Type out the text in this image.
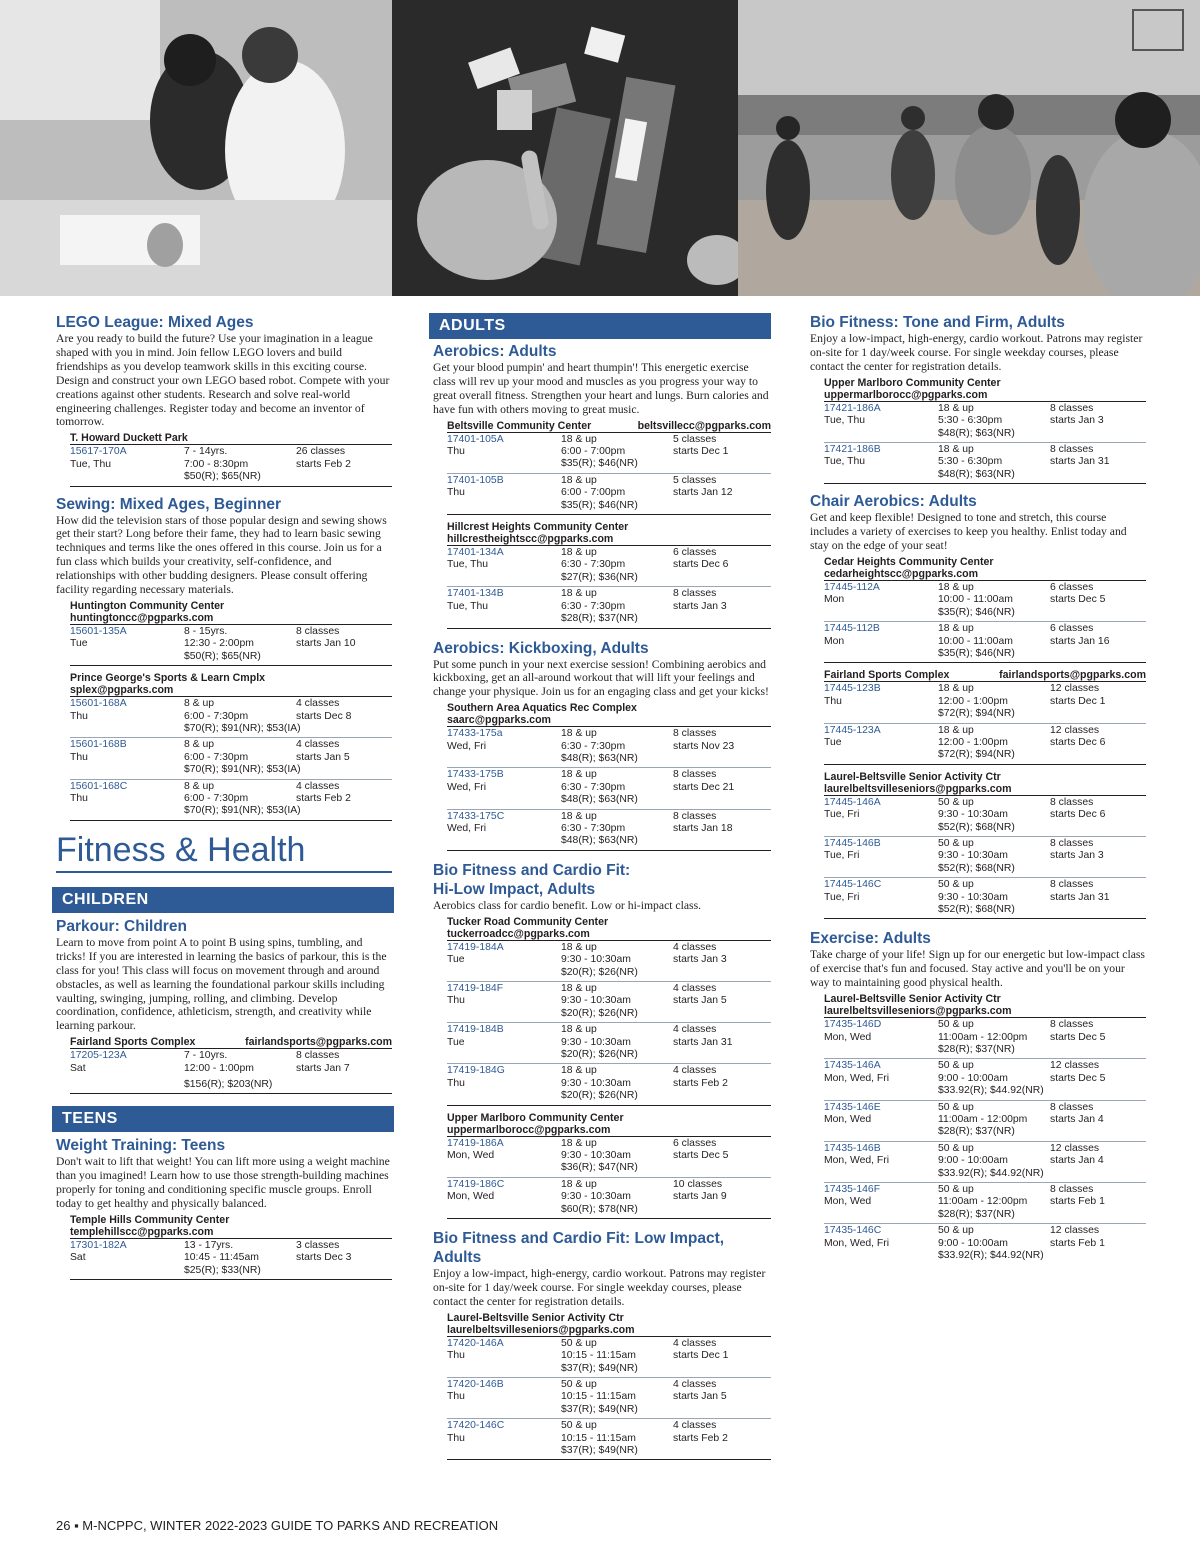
LEGO League: Mixed Ages
Are you ready to build the future? Use your imagination in a league shaped with you in mind. Join fellow LEGO lovers and build friendships as you develop teamwork skills in this exciting course. Design and construct your own LEGO based robot. Compete with your creations against other students. Research and solve real-world engineering challenges. Register today and become an inventor of tomorrow.
T. Howard Duckett Park
15617-170A	7 - 14yrs.	26 classes
Tue, Thu	7:00 - 8:30pm	starts Feb 2
$50(R); $65(NR)
Sewing: Mixed Ages, Beginner
How did the television stars of those popular design and sewing shows get their start? Long before their fame, they had to learn basic sewing techniques and terms like the ones offered in this course. Join us for a fun class which builds your creativity, self-confidence, and relationships with other budding designers. Please consult offering facility regarding necessary materials.
Huntington Community Center
huntingtoncc@pgparks.com
15601-135A	8 - 15yrs.	8 classes
Tue	12:30 - 2:00pm	starts Jan 10
$50(R); $65(NR)
Prince George's Sports & Learn Cmplx
splex@pgparks.com
15601-168A	8 & up	4 classes
Thu	6:00 - 7:30pm	starts Dec 8
$70(R); $91(NR); $53(IA)
15601-168B	8 & up	4 classes
Thu	6:00 - 7:30pm	starts Jan 5
$70(R); $91(NR); $53(IA)
15601-168C	8 & up	4 classes
Thu	6:00 - 7:30pm	starts Feb 2
$70(R); $91(NR); $53(IA)
Fitness & Health
CHILDREN
Parkour: Children
Learn to move from point A to point B using spins, tumbling, and tricks! If you are interested in learning the basics of parkour, this is the class for you! This class will focus on movement through and around obstacles, as well as learning the foundational parkour skills including vaulting, swinging, jumping, rolling, and climbing. Develop coordination, confidence, athleticism, strength, and creativity while learning parkour.
Fairland Sports Complex	fairlandsports@pgparks.com
17205-123A	7 - 10yrs.	8 classes
Sat	12:00 - 1:00pm	starts Jan 7
$156(R); $203(NR)
TEENS
Weight Training: Teens
Don't wait to lift that weight! You can lift more using a weight machine than you imagined! Learn how to use those strength-building machines properly for toning and conditioning specific muscle groups. Enroll today to get healthy and physically balanced.
Temple Hills Community Center
templehillscc@pgparks.com
17301-182A	13 - 17yrs.	3 classes
Sat	10:45 - 11:45am	starts Dec 3
$25(R); $33(NR)
ADULTS
Aerobics: Adults
Get your blood pumpin' and heart thumpin'! This energetic exercise class will rev up your mood and muscles as you progress your way to great overall fitness. Strengthen your heart and lungs. Burn calories and have fun with others moving to great music.
Beltsville Community Center	beltsvillecc@pgparks.com
17401-105A	18 & up	5 classes
Thu	6:00 - 7:00pm	starts Dec 1
$35(R); $46(NR)
17401-105B	18 & up	5 classes
Thu	6:00 - 7:00pm	starts Jan 12
$35(R); $46(NR)
Hillcrest Heights Community Center
hillcrestheightscc@pgparks.com
17401-134A	18 & up	6 classes
Tue, Thu	6:30 - 7:30pm	starts Dec 6
$27(R); $36(NR)
17401-134B	18 & up	8 classes
Tue, Thu	6:30 - 7:30pm	starts Jan 3
$28(R); $37(NR)
Aerobics: Kickboxing, Adults
Put some punch in your next exercise session! Combining aerobics and kickboxing, get an all-around workout that will lift your feelings and change your physique. Join us for an engaging class and get your kicks!
Southern Area Aquatics Rec Complex
saarc@pgparks.com
17433-175a	18 & up	8 classes
Wed, Fri	6:30 - 7:30pm	starts Nov 23
$48(R); $63(NR)
17433-175B	18 & up	8 classes
Wed, Fri	6:30 - 7:30pm	starts Dec 21
$48(R); $63(NR)
17433-175C	18 & up	8 classes
Wed, Fri	6:30 - 7:30pm	starts Jan 18
$48(R); $63(NR)
Bio Fitness and Cardio Fit:
Hi-Low Impact, Adults
Aerobics class for cardio benefit. Low or hi-impact class.
Tucker Road Community Center
tuckerroadcc@pgparks.com
17419-184A	18 & up	4 classes
Tue	9:30 - 10:30am	starts Jan 3
$20(R); $26(NR)
17419-184F	18 & up	4 classes
Thu	9:30 - 10:30am	starts Jan 5
$20(R); $26(NR)
17419-184B	18 & up	4 classes
Tue	9:30 - 10:30am	starts Jan 31
$20(R); $26(NR)
17419-184G	18 & up	4 classes
Thu	9:30 - 10:30am	starts Feb 2
$20(R); $26(NR)
Upper Marlboro Community Center
uppermarlborocc@pgparks.com
17419-186A	18 & up	6 classes
Mon, Wed	9:30 - 10:30am	starts Dec 5
$36(R); $47(NR)
17419-186C	18 & up	10 classes
Mon, Wed	9:30 - 10:30am	starts Jan 9
$60(R); $78(NR)
Bio Fitness and Cardio Fit: Low Impact, Adults
Enjoy a low-impact, high-energy, cardio workout. Patrons may register on-site for 1 day/week course. For single weekday courses, please contact the center for registration details.
Laurel-Beltsville Senior Activity Ctr
laurelbeltsvilleseniors@pgparks.com
17420-146A	50 & up	4 classes
Thu	10:15 - 11:15am	starts Dec 1
$37(R); $49(NR)
17420-146B	50 & up	4 classes
Thu	10:15 - 11:15am	starts Jan 5
$37(R); $49(NR)
17420-146C	50 & up	4 classes
Thu	10:15 - 11:15am	starts Feb 2
$37(R); $49(NR)
Bio Fitness: Tone and Firm, Adults
Enjoy a low-impact, high-energy, cardio workout. Patrons may register on-site for 1 day/week course. For single weekday courses, please contact the center for registration details.
Upper Marlboro Community Center
uppermarlborocc@pgparks.com
17421-186A	18 & up	8 classes
Tue, Thu	5:30 - 6:30pm	starts Jan 3
$48(R); $63(NR)
17421-186B	18 & up	8 classes
Tue, Thu	5:30 - 6:30pm	starts Jan 31
$48(R); $63(NR)
Chair Aerobics: Adults
Get and keep flexible! Designed to tone and stretch, this course includes a variety of exercises to keep you healthy. Enlist today and stay on the edge of your seat!
Cedar Heights Community Center
cedarheightscc@pgparks.com
17445-112A	18 & up	6 classes
Mon	10:00 - 11:00am	starts Dec 5
$35(R); $46(NR)
17445-112B	18 & up	6 classes
Mon	10:00 - 11:00am	starts Jan 16
$35(R); $46(NR)
Fairland Sports Complex	fairlandsports@pgparks.com
17445-123B	18 & up	12 classes
Thu	12:00 - 1:00pm	starts Dec 1
$72(R); $94(NR)
17445-123A	18 & up	12 classes
Tue	12:00 - 1:00pm	starts Dec 6
$72(R); $94(NR)
Laurel-Beltsville Senior Activity Ctr
laurelbeltsvilleseniors@pgparks.com
17445-146A	50 & up	8 classes
Tue, Fri	9:30 - 10:30am	starts Dec 6
$52(R); $68(NR)
17445-146B	50 & up	8 classes
Tue, Fri	9:30 - 10:30am	starts Jan 3
$52(R); $68(NR)
17445-146C	50 & up	8 classes
Tue, Fri	9:30 - 10:30am	starts Jan 31
$52(R); $68(NR)
Exercise: Adults
Take charge of your life! Sign up for our energetic but low-impact class of exercise that's fun and focused. Stay active and you'll be on your way to maintaining good physical health.
Laurel-Beltsville Senior Activity Ctr
laurelbeltsvilleseniors@pgparks.com
17435-146D	50 & up	8 classes
Mon, Wed	11:00am - 12:00pm	starts Dec 5
$28(R); $37(NR)
17435-146A	50 & up	12 classes
Mon, Wed, Fri	9:00 - 10:00am	starts Dec 5
$33.92(R); $44.92(NR)
17435-146E	50 & up	8 classes
Mon, Wed	11:00am - 12:00pm	starts Jan 4
$28(R); $37(NR)
17435-146B	50 & up	12 classes
Mon, Wed, Fri	9:00 - 10:00am	starts Jan 4
$33.92(R); $44.92(NR)
17435-146F	50 & up	8 classes
Mon, Wed	11:00am - 12:00pm	starts Feb 1
$28(R); $37(NR)
17435-146C	50 & up	12 classes
Mon, Wed, Fri	9:00 - 10:00am	starts Feb 1
$33.92(R); $44.92(NR)
26 ▪ M-NCPPC, WINTER 2022-2023 GUIDE TO PARKS AND RECREATION
